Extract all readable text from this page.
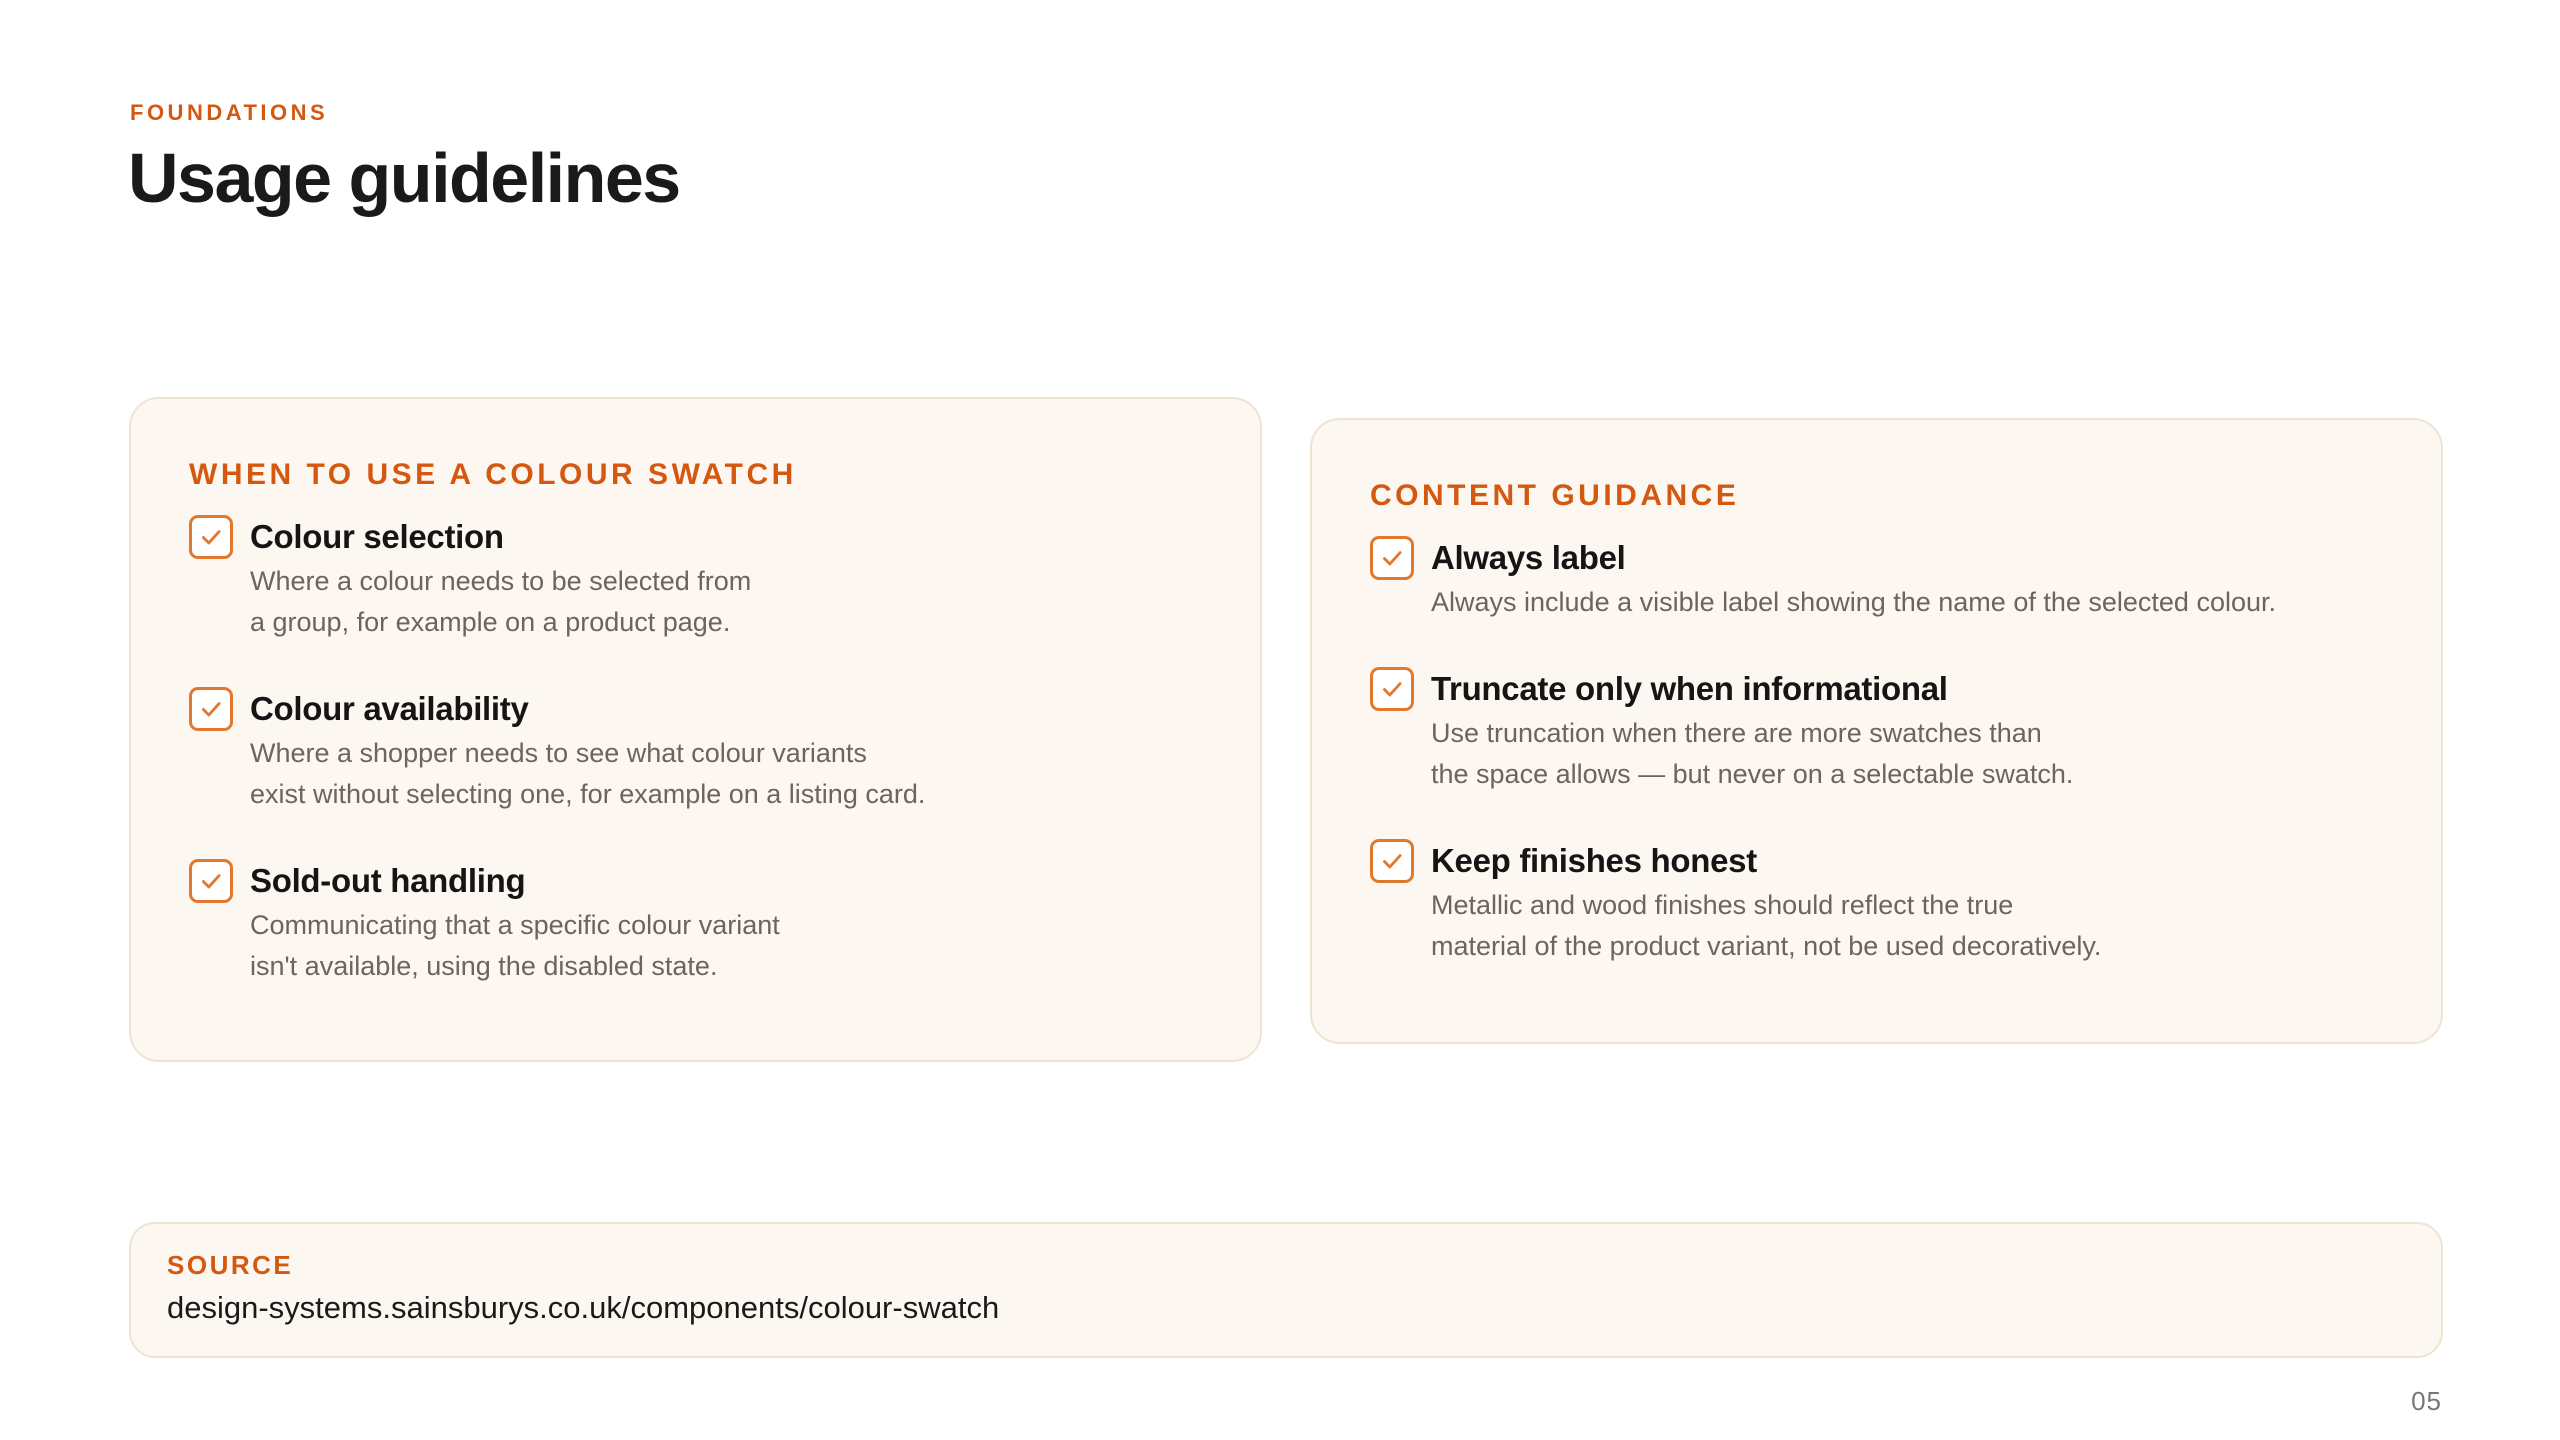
FOUNDATIONS
Usage guidelines
WHEN TO USE A COLOUR SWATCH
Colour selection
Where a colour needs to be selected from
a group, for example on a product page.
Colour availability
Where a shopper needs to see what colour variants
exist without selecting one, for example on a listing card.
Sold-out handling
Communicating that a specific colour variant
isn't available, using the disabled state.
CONTENT GUIDANCE
Always label
Always include a visible label showing the name of the selected colour.
Truncate only when informational
Use truncation when there are more swatches than
the space allows — but never on a selectable swatch.
Keep finishes honest
Metallic and wood finishes should reflect the true
material of the product variant, not be used decoratively.
SOURCE
design-systems.sainsburys.co.uk/components/colour-swatch
05
